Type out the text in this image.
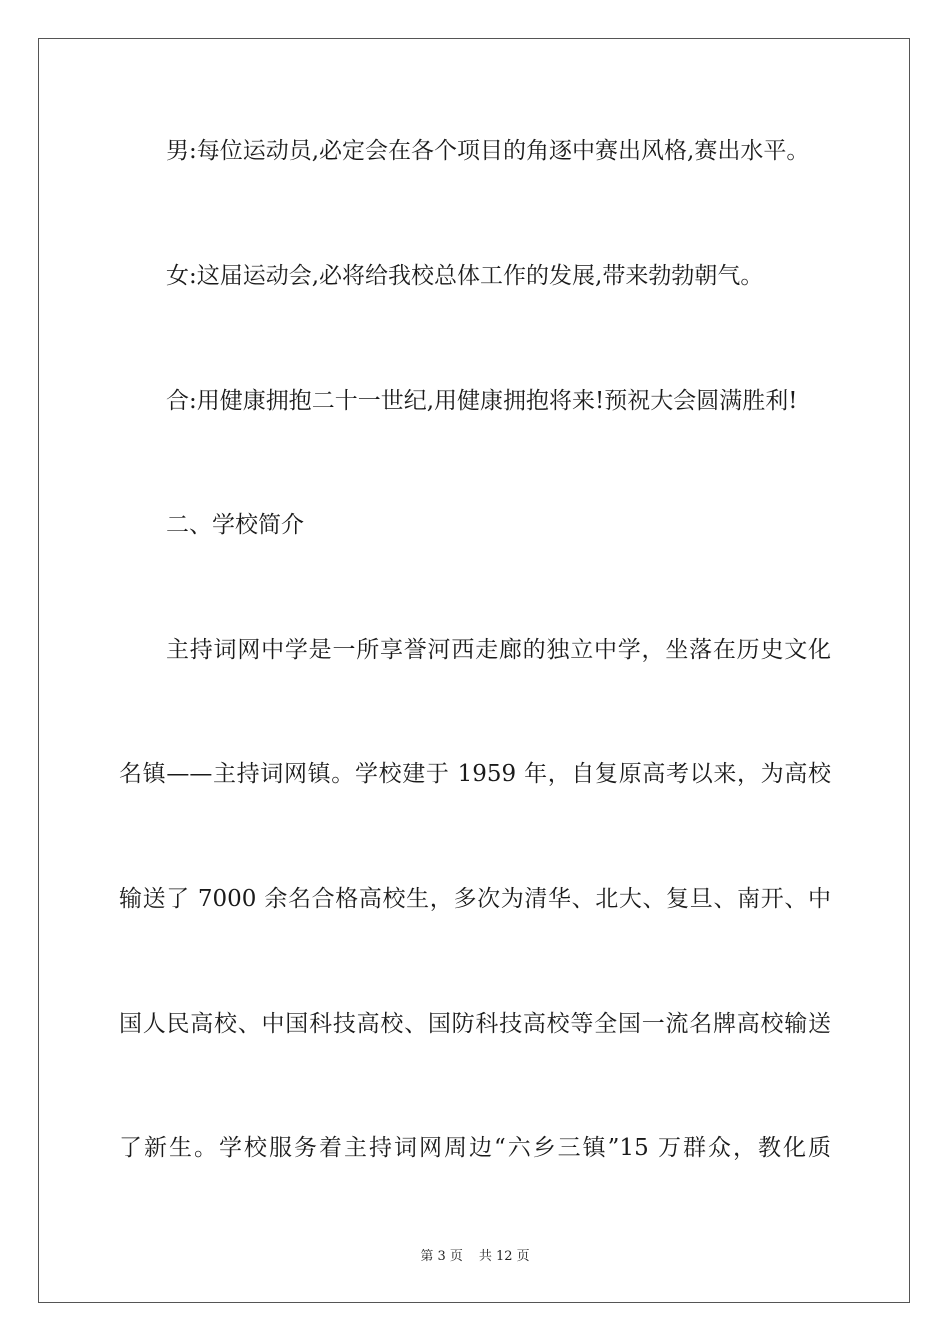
男:每位运动员,必定会在各个项目的角逐中赛出风格,赛出水平。
女:这届运动会,必将给我校总体工作的发展,带来勃勃朝气。
合:用健康拥抱二十一世纪,用健康拥抱将来!预祝大会圆满胜利!
二、学校简介
主持词网中学是一所享誉河西走廊的独立中学，坐落在历史文化
名镇——主持词网镇。学校建于 1959 年，自复原高考以来，为高校
输送了 7000 余名合格高校生，多次为清华、北大、复旦、南开、中
国人民高校、中国科技高校、国防科技高校等全国一流名牌高校输送
了新生。学校服务着主持词网周边“六乡三镇”15 万群众，教化质
第 3 页 共 12 页
